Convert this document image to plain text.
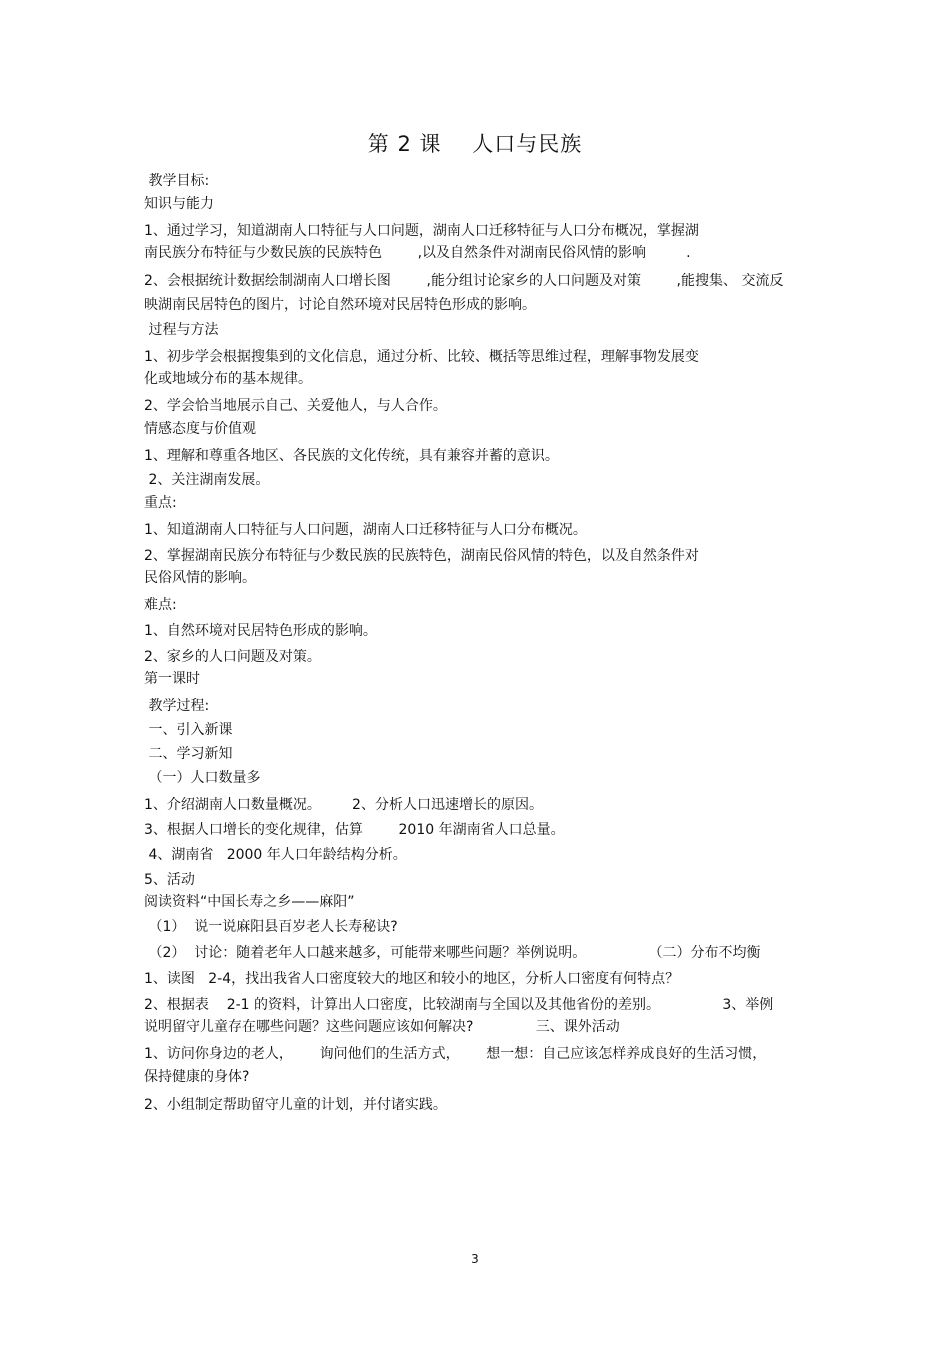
第 2 课    人口与民族
教学目标:
知识与能力
1、通过学习，知道湖南人口特征与人口问题，湖南人口迁移特征与人口分布概况，掌握湖
南民族分布特征与少数民族的民族特色        ,以及自然条件对湖南民俗风情的影响         .
2、会根据统计数据绘制湖南人口增长图        ,能分组讨论家乡的人口问题及对策        ,能搜集、 交流反
映湖南民居特色的图片，讨论自然环境对民居特色形成的影响。
过程与方法
1、初步学会根据搜集到的文化信息，通过分析、比较、概括等思维过程，理解事物发展变
化或地域分布的基本规律。
2、学会恰当地展示自己、关爱他人，与人合作。
情感态度与价值观
1、理解和尊重各地区、各民族的文化传统，具有兼容并蓄的意识。
2、关注湖南发展。
重点:
1、知道湖南人口特征与人口问题，湖南人口迁移特征与人口分布概况。
2、掌握湖南民族分布特征与少数民族的民族特色，湖南民俗风情的特色，以及自然条件对
民俗风情的影响。
难点:
1、自然环境对民居特色形成的影响。
2、家乡的人口问题及对策。
第一课时
教学过程:
一、引入新课
二、学习新知
（一）人口数量多
1、介绍湖南人口数量概况。       2、分析人口迅速增长的原因。
3、根据人口增长的变化规律，估算        2010 年湖南省人口总量。
4、湖南省   2000 年人口年龄结构分析。
5、活动
阅读资料“中国长寿之乡——麻阳”
（1）  说一说麻阳县百岁老人长寿秘诀?
（2）  讨论：随着老年人口越来越多，可能带来哪些问题？举例说明。              （二）分布不均衡
1、读图   2-4，找出我省人口密度较大的地区和较小的地区，分析人口密度有何特点？
2、根据表    2-1 的资料，计算出人口密度，比较湖南与全国以及其他省份的差别。              3、举例
说明留守儿童存在哪些问题？这些问题应该如何解决?              三、课外活动
1、访问你身边的老人，      询问他们的生活方式，      想一想：自己应该怎样养成良好的生活习惯，
保持健康的身体?
2、小组制定帮助留守儿童的计划，并付诸实践。
3
